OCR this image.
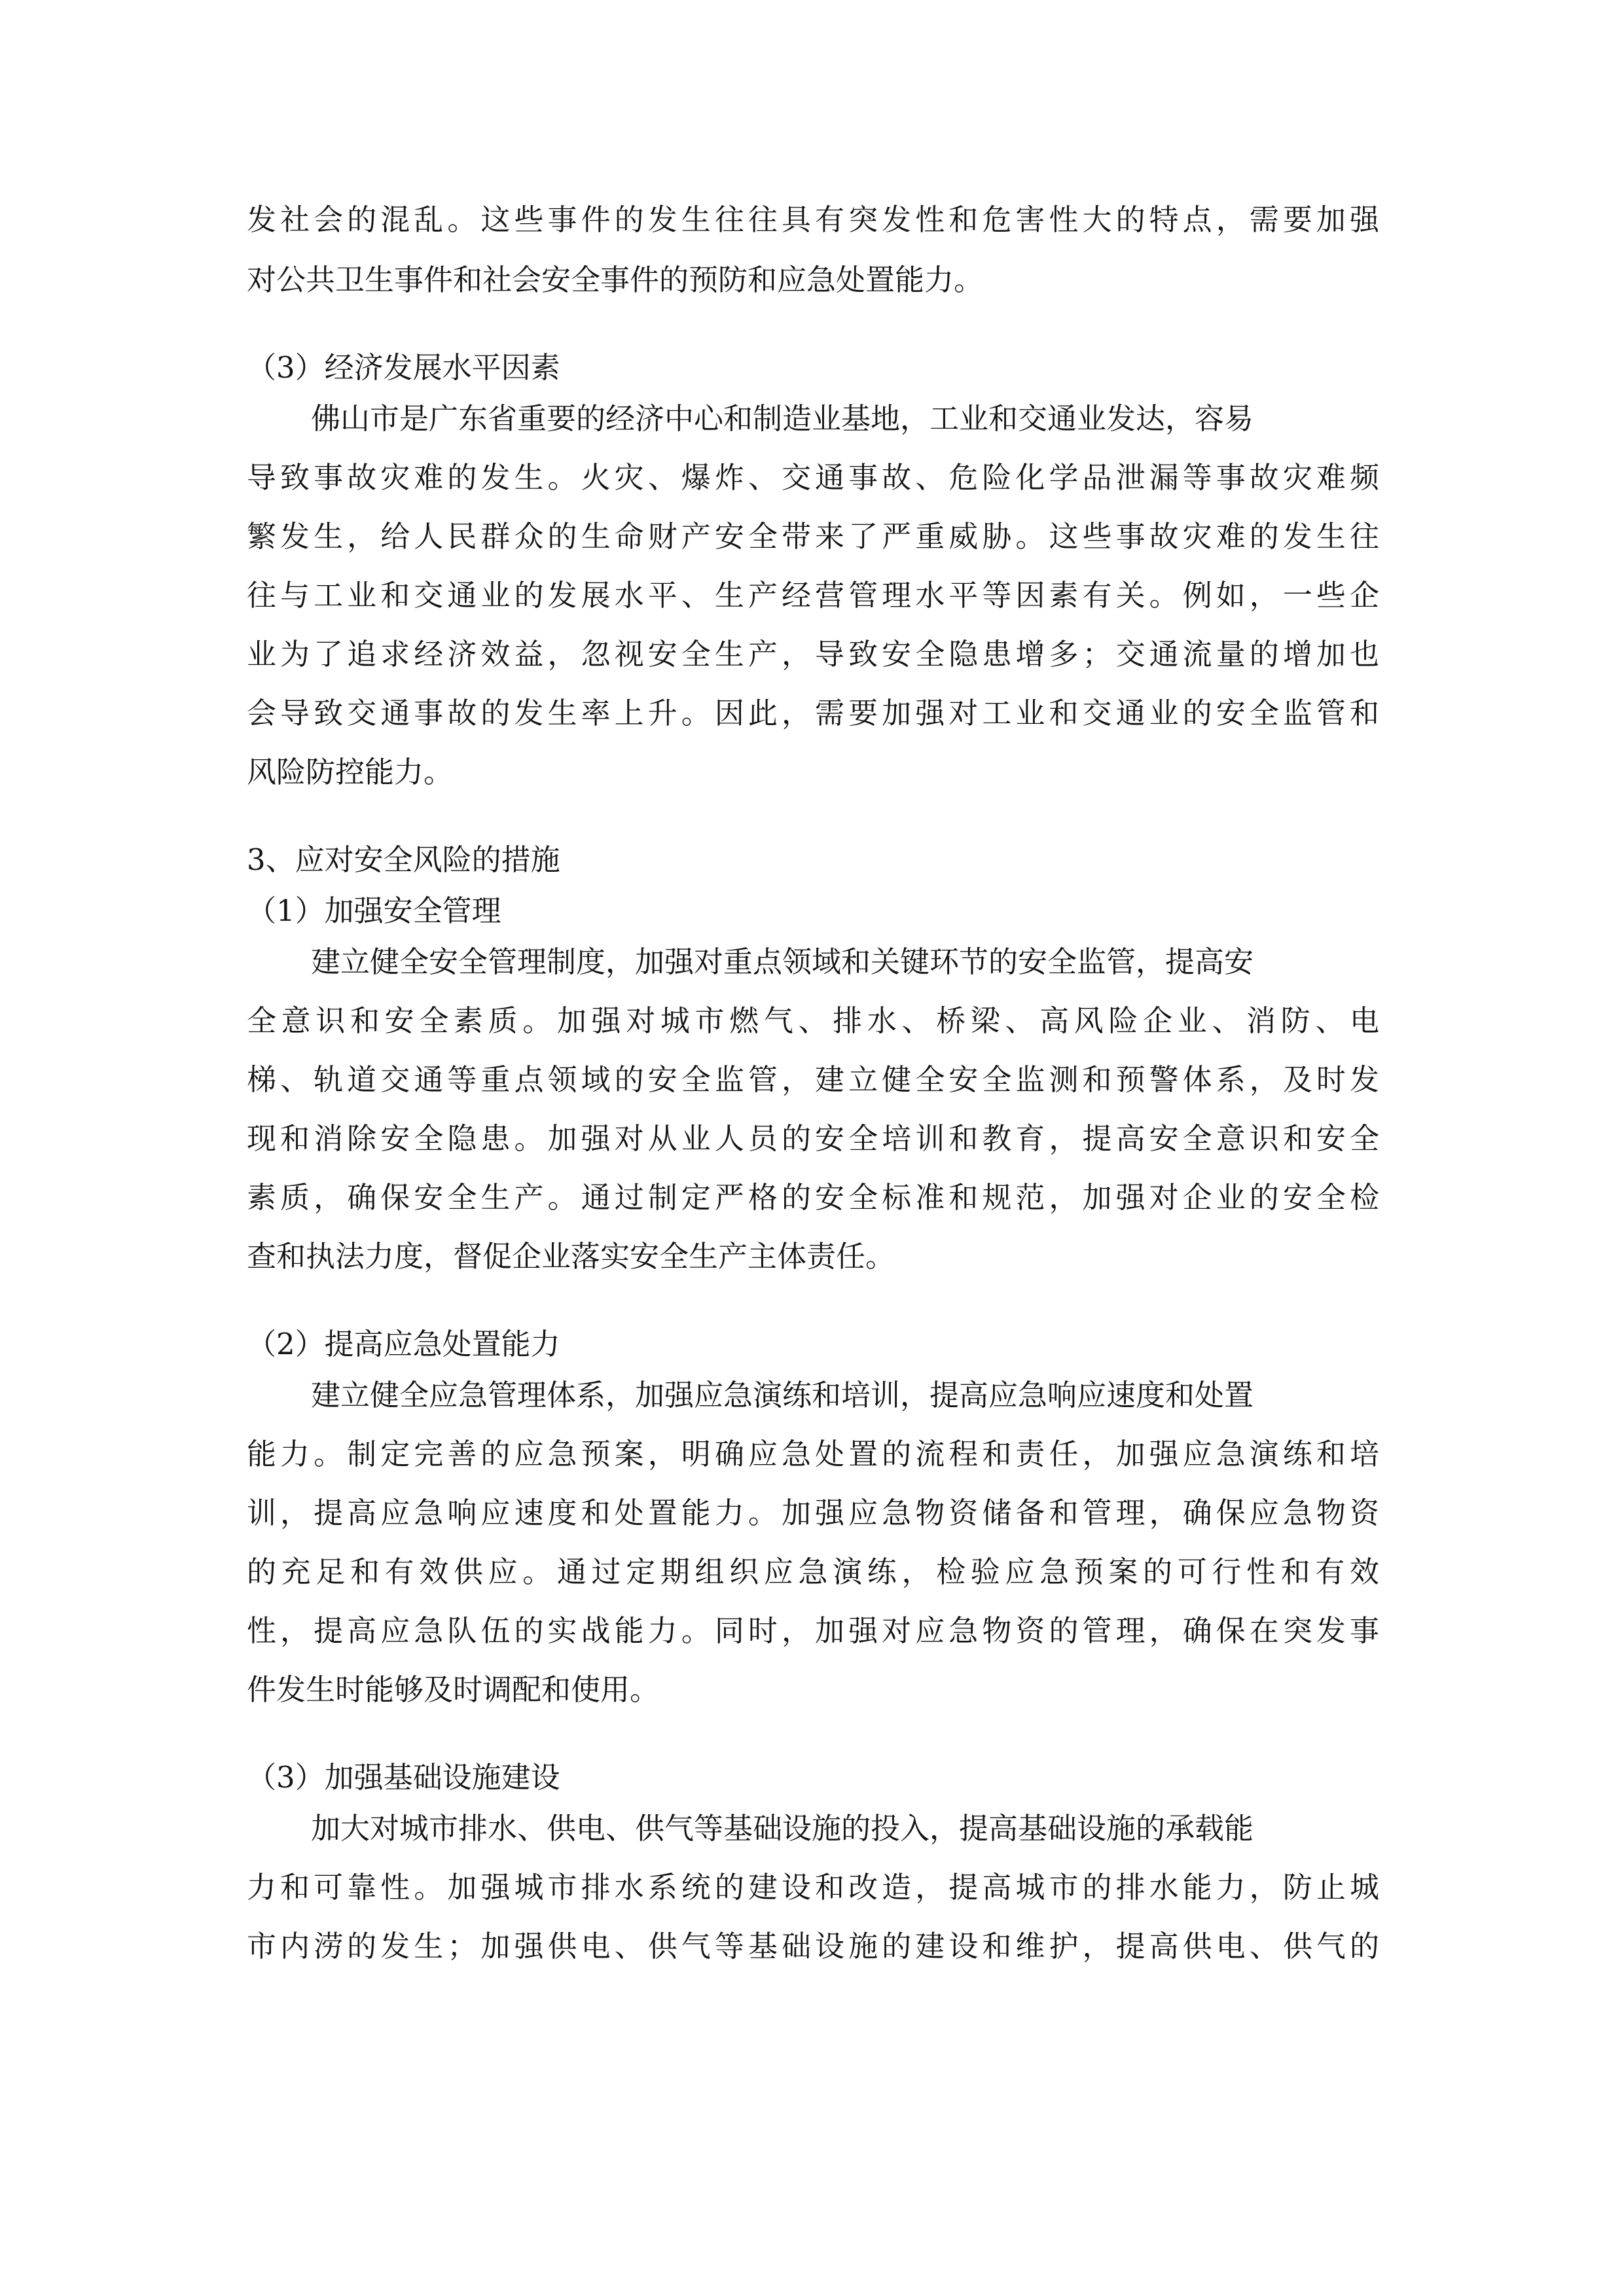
发社会的混乱。这些事件的发生往往具有突发性和危害性大的特点，需要加强
对公共卫生事件和社会安全事件的预防和应急处置能力。
（3）经济发展水平因素
佛山市是广东省重要的经济中心和制造业基地，工业和交通业发达，容易
导致事故灾难的发生。火灾、爆炸、交通事故、危险化学品泄漏等事故灾难频
繁发生，给人民群众的生命财产安全带来了严重威胁。这些事故灾难的发生往
往与工业和交通业的发展水平、生产经营管理水平等因素有关。例如，一些企
业为了追求经济效益，忽视安全生产，导致安全隐患增多；交通流量的增加也
会导致交通事故的发生率上升。因此，需要加强对工业和交通业的安全监管和
风险防控能力。
3、应对安全风险的措施
（1）加强安全管理
建立健全安全管理制度，加强对重点领域和关键环节的安全监管，提高安
全意识和安全素质。加强对城市燃气、排水、桥梁、高风险企业、消防、电
梯、轨道交通等重点领域的安全监管，建立健全安全监测和预警体系，及时发
现和消除安全隐患。加强对从业人员的安全培训和教育，提高安全意识和安全
素质，确保安全生产。通过制定严格的安全标准和规范，加强对企业的安全检
查和执法力度，督促企业落实安全生产主体责任。
（2）提高应急处置能力
建立健全应急管理体系，加强应急演练和培训，提高应急响应速度和处置
能力。制定完善的应急预案，明确应急处置的流程和责任，加强应急演练和培
训，提高应急响应速度和处置能力。加强应急物资储备和管理，确保应急物资
的充足和有效供应。通过定期组织应急演练，检验应急预案的可行性和有效
性，提高应急队伍的实战能力。同时，加强对应急物资的管理，确保在突发事
件发生时能够及时调配和使用。
（3）加强基础设施建设
加大对城市排水、供电、供气等基础设施的投入，提高基础设施的承载能
力和可靠性。加强城市排水系统的建设和改造，提高城市的排水能力，防止城
市内涝的发生；加强供电、供气等基础设施的建设和维护，提高供电、供气的
